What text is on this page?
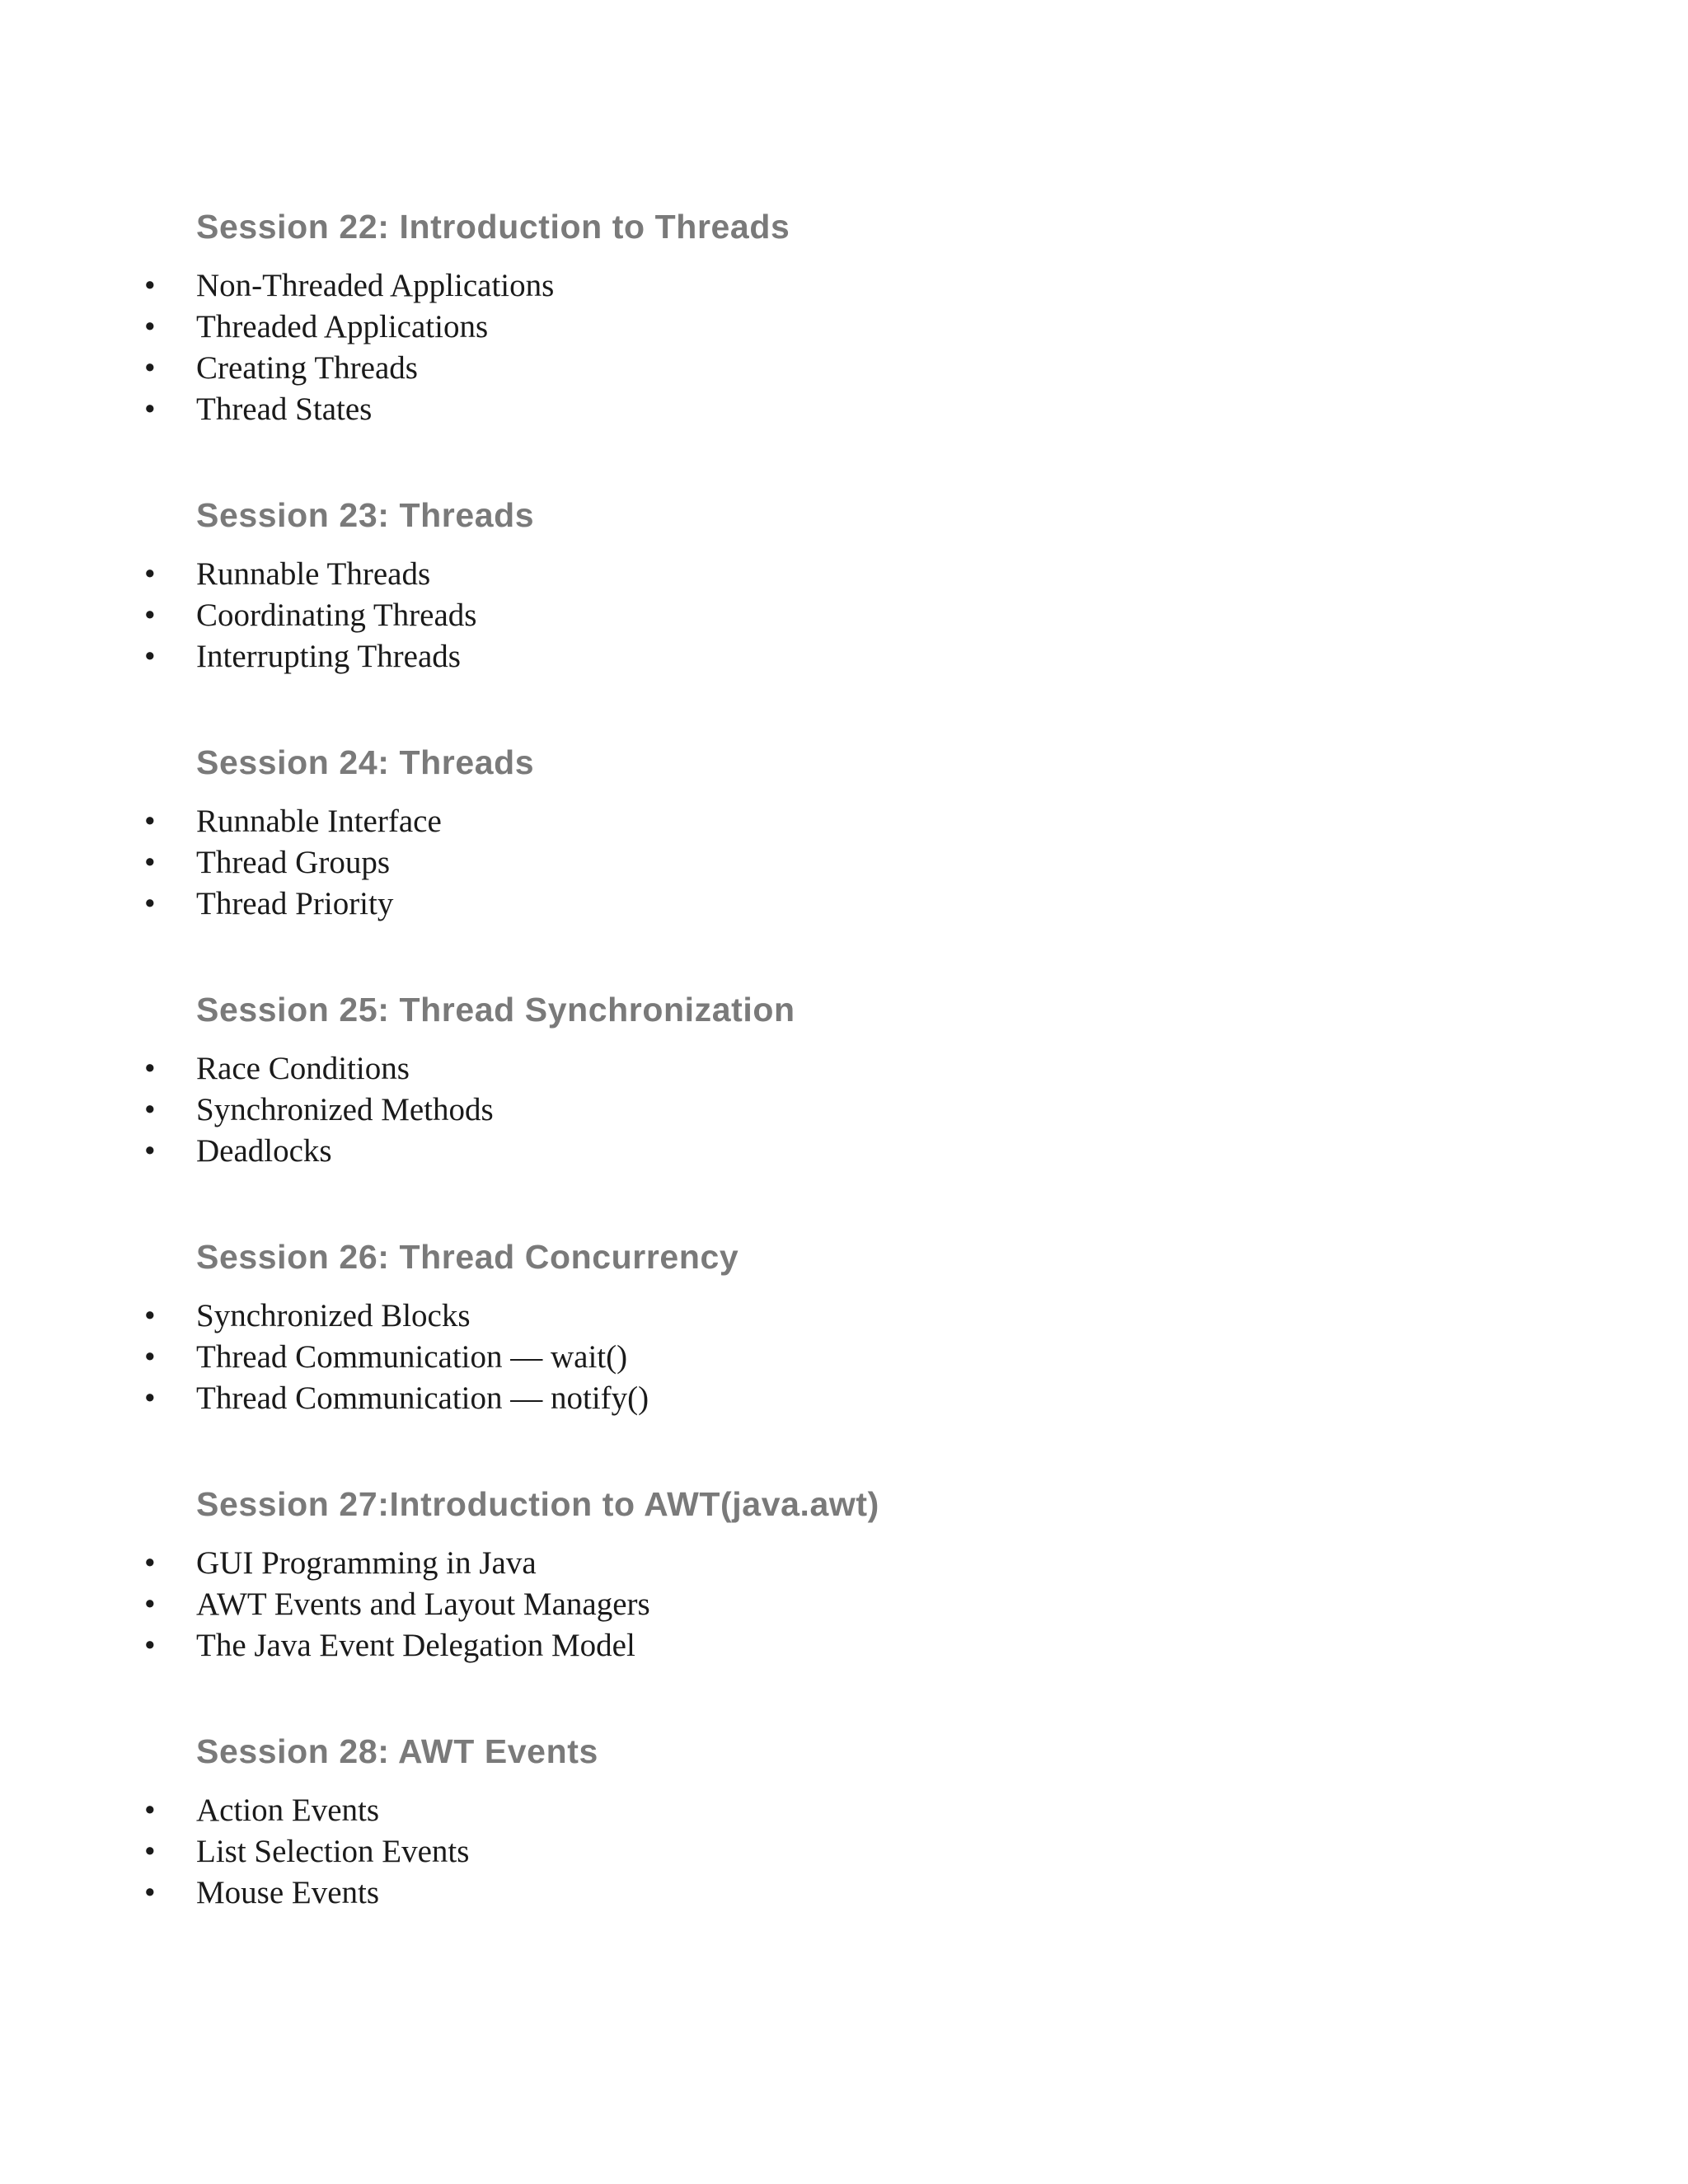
Session 22: Introduction to Threads
• Non-Threaded Applications
• Threaded Applications
• Creating Threads
• Thread States
Session 23: Threads
• Runnable Threads
• Coordinating Threads
• Interrupting Threads
Session 24: Threads
• Runnable Interface
• Thread Groups
• Thread Priority
Session 25: Thread Synchronization
• Race Conditions
• Synchronized Methods
• Deadlocks
Session 26: Thread Concurrency
• Synchronized Blocks
• Thread Communication — wait()
• Thread Communication — notify()
Session 27:Introduction to AWT(java.awt)
• GUI Programming in Java
• AWT Events and Layout Managers
• The Java Event Delegation Model
Session 28: AWT Events
• Action Events
• List Selection Events
• Mouse Events
